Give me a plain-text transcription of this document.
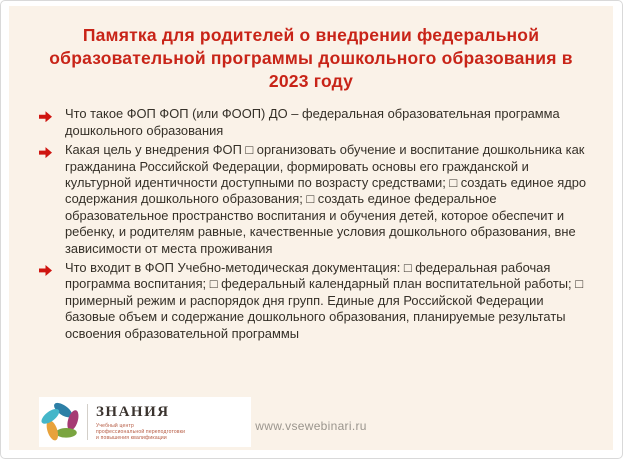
Памятка для родителей о внедрении федеральной образовательной программы дошкольного образования в 2023 году
Что такое ФОП ФОП (или ФООП) ДО – федеральная образовательная программа дошкольного образования
Какая цель у внедрения ФОП □ организовать обучение и воспитание дошкольника как гражданина Российской Федерации, формировать основы его гражданской и культурной идентичности доступными по возрасту средствами; □ создать единое ядро содержания дошкольного образования; □ создать единое федеральное образовательное пространство воспитания и обучения детей, которое обеспечит и ребенку, и родителям равные, качественные условия дошкольного образования, вне зависимости от места проживания
Что входит в ФОП Учебно-методическая документация: □ федеральная рабочая программа воспитания; □ федеральный календарный план воспитательной работы; □ примерный режим и распорядок дня групп. Единые для Российской Федерации базовые объем и содержание дошкольного образования, планируемые результаты освоения образовательной программы
ЗНАНИЯ
Учебный центр
профессиональной переподготовки
и повышения квалификации
www.vsewebinari.ru
